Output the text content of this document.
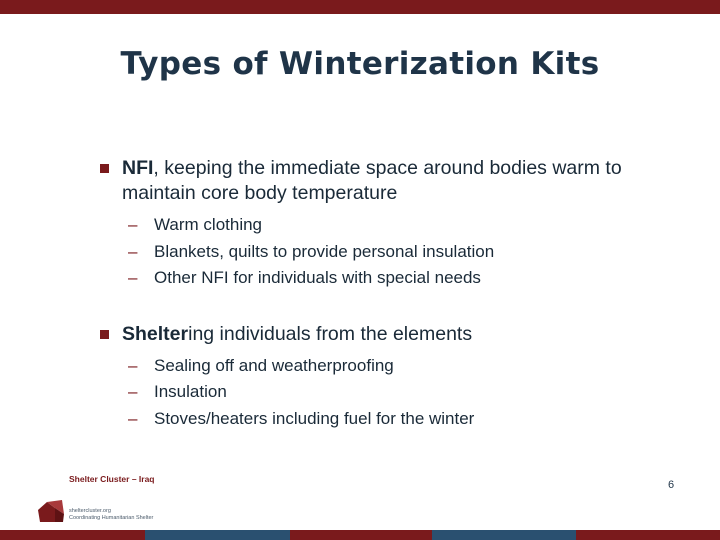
Types of Winterization Kits
NFI, keeping the immediate space around bodies warm to maintain core body temperature
– Warm clothing
– Blankets, quilts to provide personal insulation
– Other NFI for individuals with special needs
Sheltering individuals from the elements
– Sealing off and weatherproofing
– Insulation
– Stoves/heaters including fuel for the winter
Shelter Cluster – Iraq
sheltercluster.org
Coordinating Humanitarian Shelter
6
